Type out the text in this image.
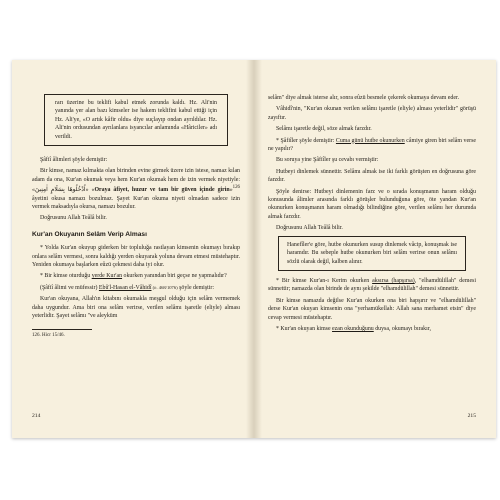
rarı üzerine bu teklifi kabul etmek zorunda kaldı. Hz. Ali'nin yanında yer alan bazı kimseler ise hakem teklifini kabul ettiği için Hz. Ali'ye, «O artık kâfir oldu» diye suçlayıp ondan ayrıldılar. Hz. Ali'nin ordusundan ayrılanlara isyancılar anlamında «Hâriciler» adı verildi.

Şâfiî âlimleri şöyle demiştir:

Bir kimse, namaz kılmakta olan birinden evine girmek üzere izin istese, namaz kılan adam da ona, Kur'an okumak veya hem Kur'an okumak hem de izin vermek niyetiyle: «اُدْخُلُوهَا بِسَلَامٍ اٰمِنِينَ» «Oraya âfiyet, huzur ve tam bir güven içinde girin»$^{126}$ âyetini okusa namazı bozulmaz. Şayet Kur'an okuma niyeti olmadan sadece izin vermek maksadıyla okursa, namazı bozulur.

Doğrusunu Allah Teâlâ bilir.

Kur'an Okuyanın Selâm Verip Alması

* Yolda Kur'an okuyup giderken bir topluluğa rastlayan kimsenin okumayı bırakıp onlara selâm vermesi, sonra kaldığı yerden okuyarak yoluna devam etmesi müstehaptır. Yeniden okumaya başlarken eûzü çekmesi daha iyi olur.

* Bir kimse oturduğu yerde Kur'an okurken yanından biri geçse ne yapmalıdır?

(Şâfiî âlimi ve müfessir) Ebû'l-Hasan el-Vâhidî (ö. 468/1076) şöyle demiştir:

Kur'an okuyana, Allah'ın kitabını okumakla meşgul olduğu için selâm vermemek daha uygundur. Ama biri ona selâm verirse, verilen selâmı işaretle (eliyle) alması yeterlidir. Şayet selâmı "ve aleyküm

126. Hicr 15/46.

214

selâm" diye almak isterse alır, sonra eûzü besmele çekerek okumaya devam eder.

Vâhidî'nin, "Kur'an okunan verilen selâmı işaretle (eliyle) alması yeterlidir" görüşü zayıftır.

Selâmı işaretle değil, söze almak farzdır.

* Şâfiîler şöyle demiştir: Cuma günü hutbe okunurken câmiye giren biri selâm verse ne yapılır?

Bu soruya yine Şâfiîler şu cevabı vermiştir:

Hutbeyi dinlemek sünnettir. Selâmı almak ise iki farklı görüşten en doğrusuna göre farzdır.

Şöyle denirse: Hutbeyi dinlemenin farz ve o sırada konuşmanın haram olduğu konusunda âlimler arasında farklı görüşler bulunduğuna göre, öte yandan Kur'an okunurken konuşmanın haram olmadığı bilindiğine göre, verilen selâmı her durumda almak farzdır.

Doğrusunu Allah Teâlâ bilir.

Hanefîler'e göre, hutbe okunurken susup dinlemek vâcip, konuşmak ise haramdır. Bu sebeple hutbe okunurken biri selâm verirse onun selâmı sözlü olarak değil, kalben alınır.

* Bir kimse Kur'an-ı Kerim okurken aksırsa (hapşırsa), "elhamdülillah" demesi sünnettir; namazda olan birinde de aynı şekilde "elhamdülillah" demesi sünnettir.

Bir kimse namazda değilse Kur'an okurken ona biri hapşırır ve "elhamdülillah" derse Kur'an okuyan kimsenin ona "yerhamükellah: Allah sana merhamet etsin" diye cevap vermesi müstehaptır.

* Kur'an okuyan kimse ezan okunduğunu duysa, okumayı bırakır,

215
